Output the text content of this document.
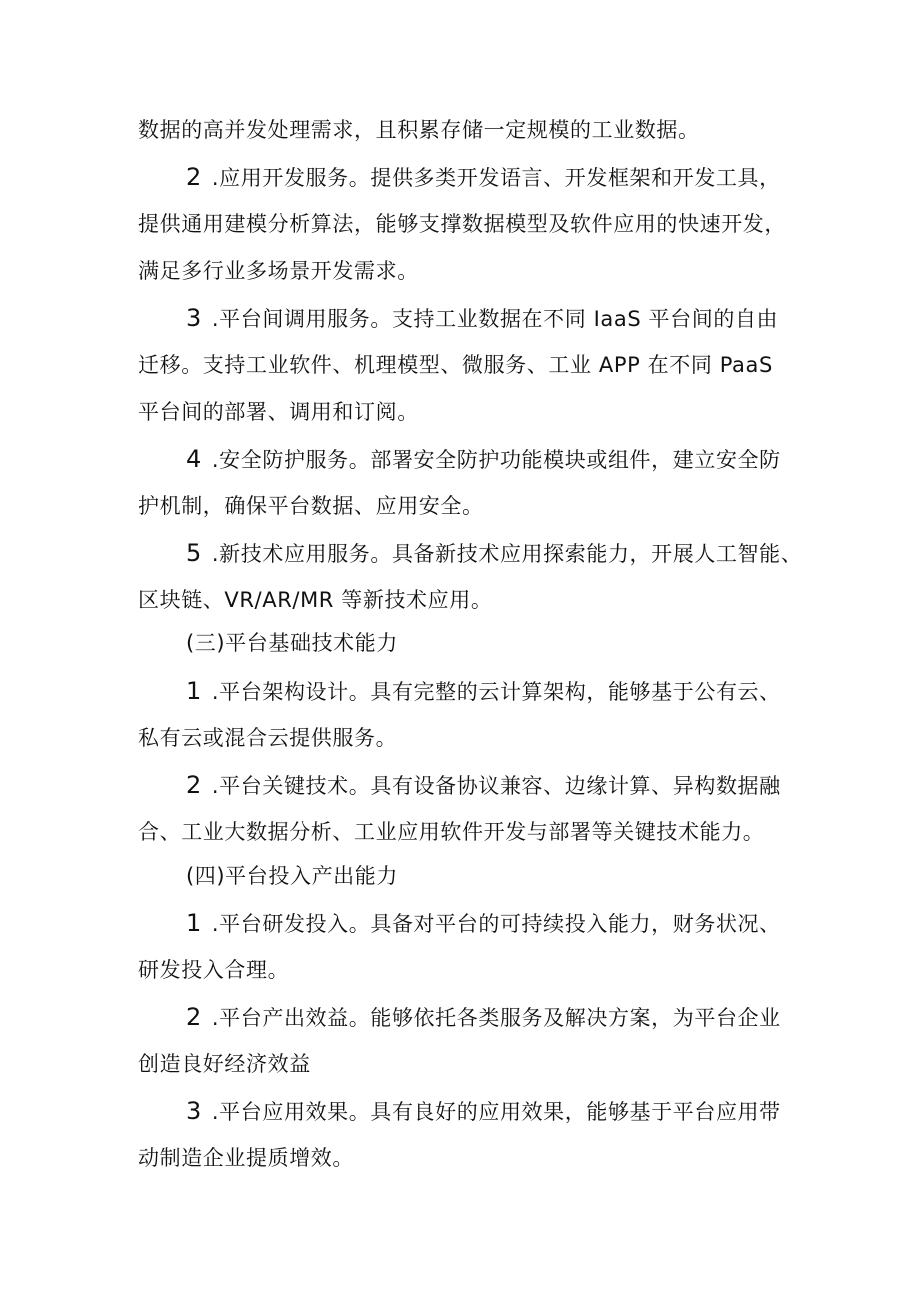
数据的高并发处理需求，且积累存储一定规模的工业数据。
2 .应用开发服务。提供多类开发语言、开发框架和开发工具，
提供通用建模分析算法，能够支撑数据模型及软件应用的快速开发，
满足多行业多场景开发需求。
3 .平台间调用服务。支持工业数据在不同 IaaS 平台间的自由
迁移。支持工业软件、机理模型、微服务、工业 APP 在不同 PaaS
平台间的部署、调用和订阅。
4 .安全防护服务。部署安全防护功能模块或组件，建立安全防
护机制，确保平台数据、应用安全。
5 .新技术应用服务。具备新技术应用探索能力，开展人工智能、
区块链、VR/AR/MR 等新技术应用。
(三)平台基础技术能力
1 .平台架构设计。具有完整的云计算架构，能够基于公有云、
私有云或混合云提供服务。
2 .平台关键技术。具有设备协议兼容、边缘计算、异构数据融
合、工业大数据分析、工业应用软件开发与部署等关键技术能力。
(四)平台投入产出能力
1 .平台研发投入。具备对平台的可持续投入能力，财务状况、
研发投入合理。
2 .平台产出效益。能够依托各类服务及解决方案，为平台企业
创造良好经济效益
3 .平台应用效果。具有良好的应用效果，能够基于平台应用带
动制造企业提质增效。
